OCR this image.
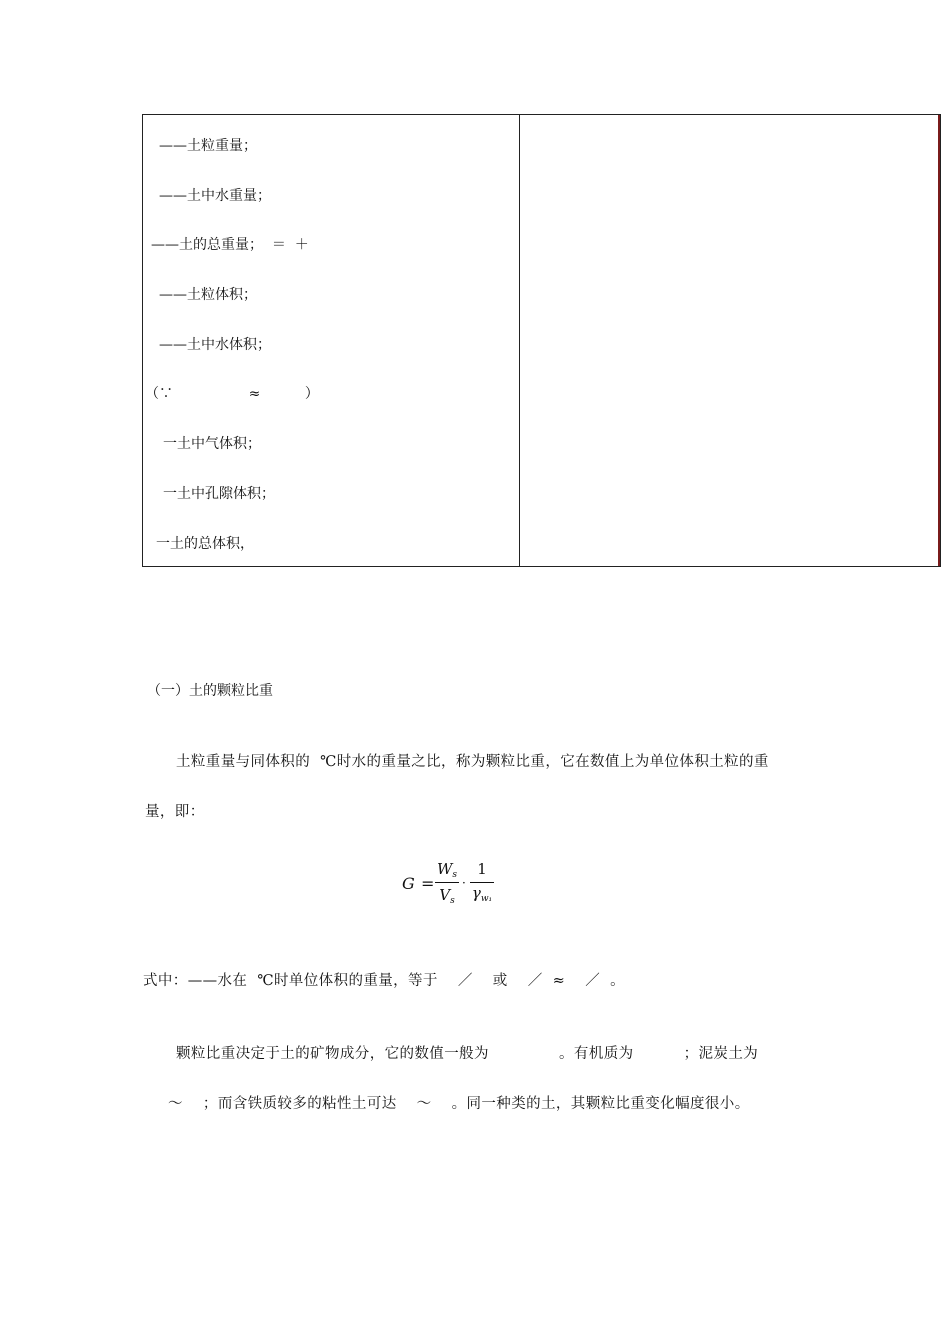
——土粒重量；
——土中水重量；
——土的总重量；  ＝  ＋
——土粒体积；
——土中水体积；
（∵                 ≈          ）
一土中气体积；
一土中孔隙体积；
一土的总体积，
（一）土的颗粒比重
土粒重量与同体积的  ℃时水的重量之比，称为颗粒比重，它在数值上为单位体积土粒的重
量，即：
G =
$W_s$
$V_s$
·
1
$\gamma_{w_1}$
式中：——水在  ℃时单位体积的重量，等于    ／    或    ／  ≈    ／  。
颗粒比重决定于土的矿物成分，它的数值一般为              。有机质为          ；泥炭土为
～    ；而含铁质较多的粘性土可达    ～    。同一种类的土，其颗粒比重变化幅度很小。
